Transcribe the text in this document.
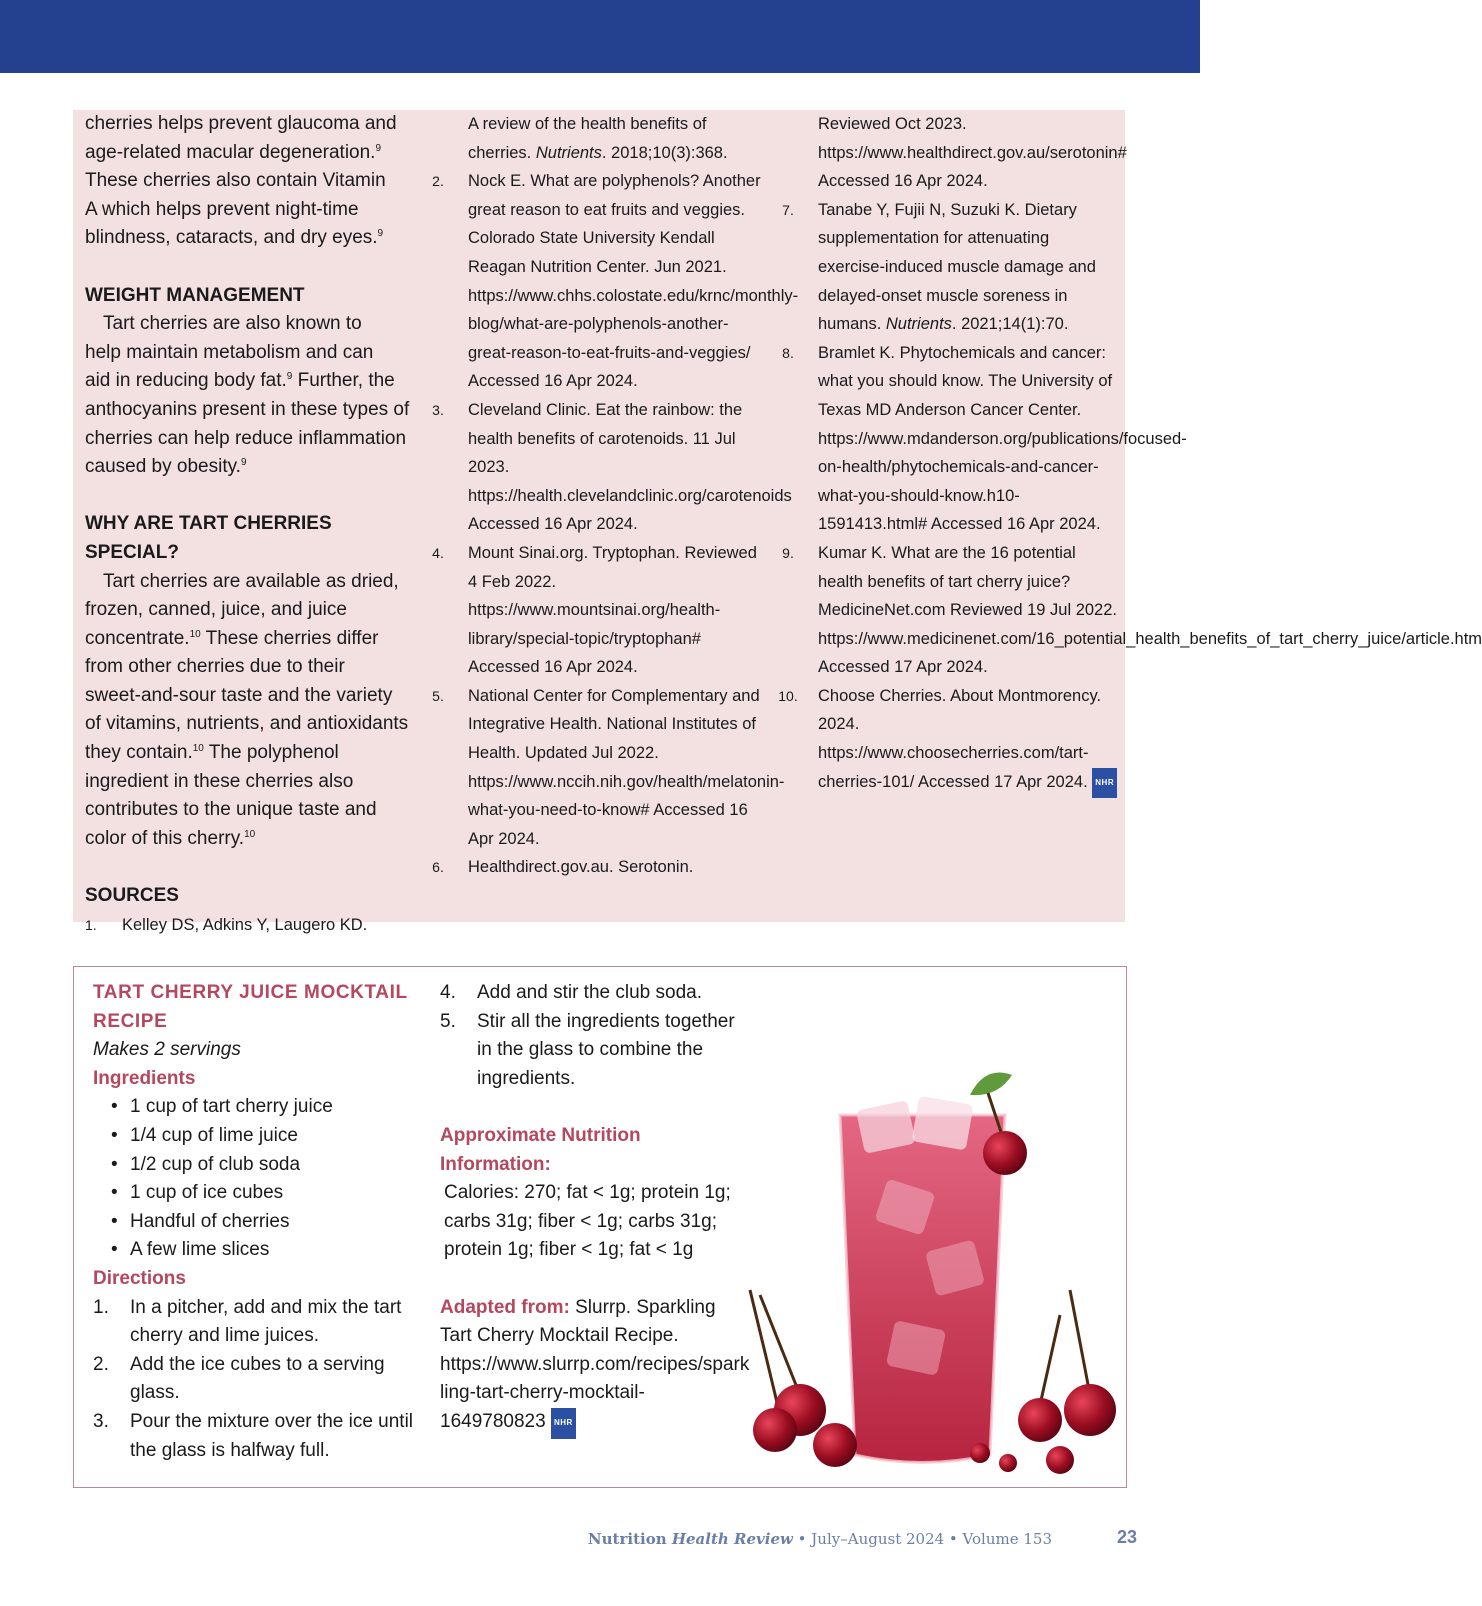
cherries helps prevent glaucoma and
age-related macular degeneration.$^9$
These cherries also contain Vitamin
A which helps prevent night-time
blindness, cataracts, and dry eyes.$^9$
WEIGHT MANAGEMENT
Tart cherries are also known to
help maintain metabolism and can
aid in reducing body fat.$^9$ Further, the
anthocyanins present in these types of
cherries can help reduce inflammation
caused by obesity.$^9$
WHY ARE TART CHERRIES SPECIAL?
Tart cherries are available as dried,
frozen, canned, juice, and juice
concentrate.$^{10}$ These cherries differ
from other cherries due to their
sweet-and-sour taste and the variety
of vitamins, nutrients, and antioxidants
they contain.$^{10}$ The polyphenol
ingredient in these cherries also
contributes to the unique taste and
color of this cherry.$^{10}$
SOURCES
1.	Kelley DS, Adkins Y, Laugero KD.
A review of the health benefits of
cherries. Nutrients. 2018;10(3):368.
2.	Nock E. What are polyphenols? Another great reason to eat fruits and veggies. Colorado State University Kendall Reagan Nutrition Center. Jun 2021. https://www.chhs.colostate.edu/krnc/monthly-blog/what-are-polyphenols-another-great-reason-to-eat-fruits-and-veggies/ Accessed 16 Apr 2024.
3.	Cleveland Clinic. Eat the rainbow: the health benefits of carotenoids. 11 Jul 2023. https://health.clevelandclinic.org/carotenoids Accessed 16 Apr 2024.
4.	Mount Sinai.org. Tryptophan. Reviewed 4 Feb 2022. https://www.mountsinai.org/health-library/special-topic/tryptophan# Accessed 16 Apr 2024.
5.	National Center for Complementary and Integrative Health. National Institutes of Health. Updated Jul 2022. https://www.nccih.nih.gov/health/melatonin-what-you-need-to-know# Accessed 16 Apr 2024.
6.	Healthdirect.gov.au. Serotonin.
Reviewed Oct 2023. https://www.healthdirect.gov.au/serotonin# Accessed 16 Apr 2024.
7.	Tanabe Y, Fujii N, Suzuki K. Dietary supplementation for attenuating exercise-induced muscle damage and delayed-onset muscle soreness in humans. Nutrients. 2021;14(1):70.
8.	Bramlet K. Phytochemicals and cancer: what you should know. The University of Texas MD Anderson Cancer Center. https://www.mdanderson.org/publications/focused-on-health/phytochemicals-and-cancer-what-you-should-know.h10-1591413.html# Accessed 16 Apr 2024.
9.	Kumar K. What are the 16 potential health benefits of tart cherry juice? MedicineNet.com Reviewed 19 Jul 2022. https://www.medicinenet.com/16_potential_health_benefits_of_tart_cherry_juice/article.htm Accessed 17 Apr 2024.
10.	Choose Cherries. About Montmorency. 2024. https://www.choosecherries.com/tart-cherries-101/ Accessed 17 Apr 2024. NHR
TART CHERRY JUICE MOCKTAIL RECIPE
Makes 2 servings
Ingredients
• 1 cup of tart cherry juice
• 1/4 cup of lime juice
• 1/2 cup of club soda
• 1 cup of ice cubes
• Handful of cherries
• A few lime slices
Directions
1. In a pitcher, add and mix the tart cherry and lime juices.
2. Add the ice cubes to a serving glass.
3. Pour the mixture over the ice until the glass is halfway full.
4. Add and stir the club soda.
5. Stir all the ingredients together in the glass to combine the ingredients.
Approximate Nutrition Information:
Calories: 270; fat < 1g; protein 1g; carbs 31g; fiber < 1g; carbs 31g; protein 1g; fiber < 1g; fat < 1g
Adapted from: Slurrp. Sparkling Tart Cherry Mocktail Recipe. https://www.slurrp.com/recipes/sparkling-tart-cherry-mocktail-1649780823 NHR
Nutrition Health Review • July–August 2024 • Volume 153	23
